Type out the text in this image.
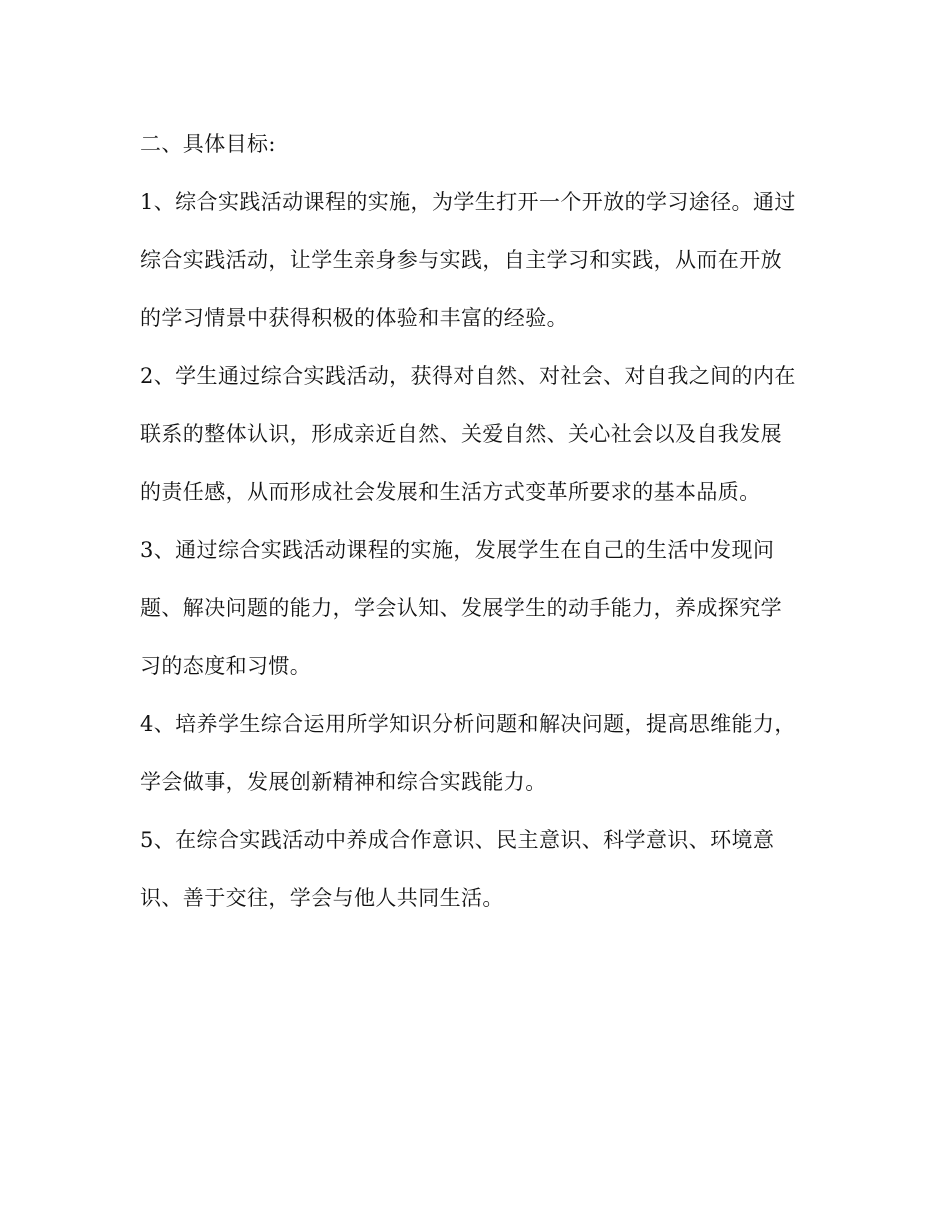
二、具体目标:
1、综合实践活动课程的实施，为学生打开一个开放的学习途径。通过
综合实践活动，让学生亲身参与实践，自主学习和实践，从而在开放
的学习情景中获得积极的体验和丰富的经验。
2、学生通过综合实践活动，获得对自然、对社会、对自我之间的内在
联系的整体认识，形成亲近自然、关爱自然、关心社会以及自我发展
的责任感，从而形成社会发展和生活方式变革所要求的基本品质。
3、通过综合实践活动课程的实施，发展学生在自己的生活中发现问
题、解决问题的能力，学会认知、发展学生的动手能力，养成探究学
习的态度和习惯。
4、培养学生综合运用所学知识分析问题和解决问题，提高思维能力，
学会做事，发展创新精神和综合实践能力。
5、在综合实践活动中养成合作意识、民主意识、科学意识、环境意
识、善于交往，学会与他人共同生活。
